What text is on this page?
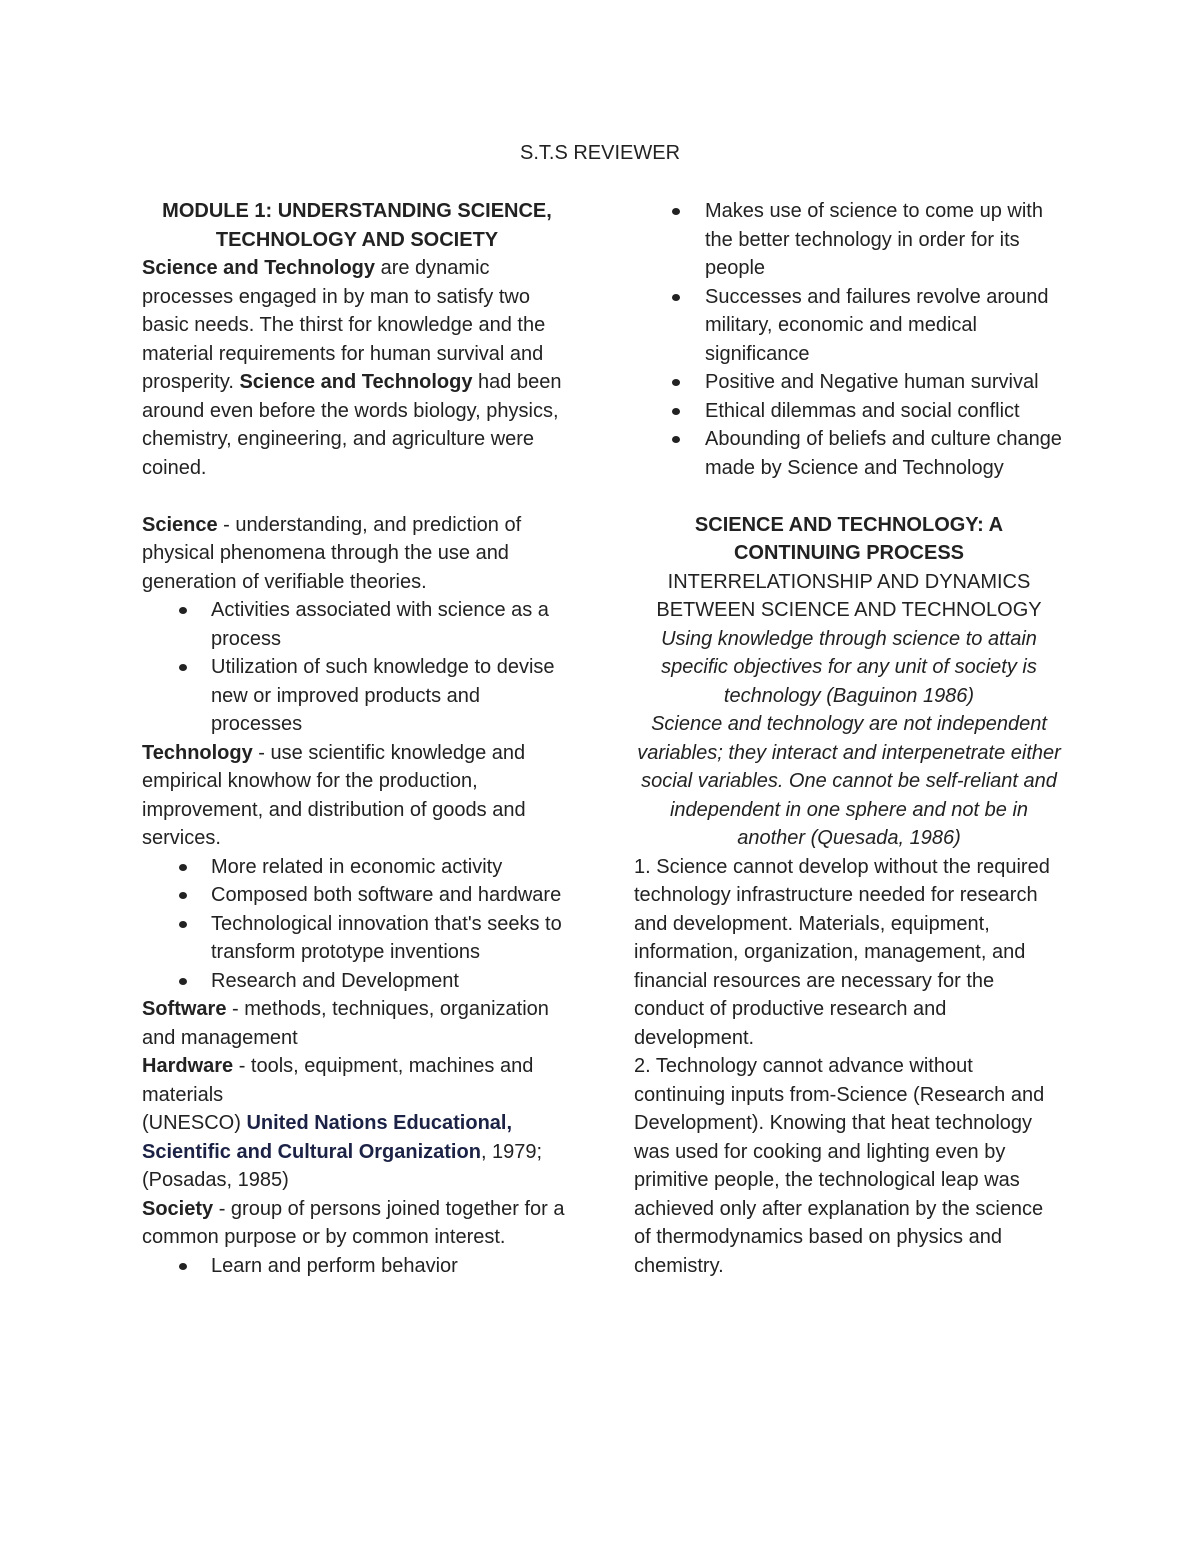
S.T.S REVIEWER

MODULE 1: UNDERSTANDING SCIENCE,
TECHNOLOGY AND SOCIETY

Science and Technology are dynamic processes engaged in by man to satisfy two basic needs. The thirst for knowledge and the material requirements for human survival and prosperity. Science and Technology had been around even before the words biology, physics, chemistry, engineering, and agriculture were coined.

Science - understanding, and prediction of physical phenomena through the use and generation of verifiable theories.

Activities associated with science as a process
Utilization of such knowledge to devise new or improved products and processes

Technology - use scientific knowledge and empirical knowhow for the production, improvement, and distribution of goods and services.

More related in economic activity
Composed both software and hardware
Technological innovation that's seeks to transform prototype inventions
Research and Development

Software - methods, techniques, organization and management

Hardware - tools, equipment, machines and materials

(UNESCO) United Nations Educational, Scientific and Cultural Organization, 1979; (Posadas, 1985)

Society - group of persons joined together for a common purpose or by common interest.

Learn and perform behavior
Makes use of science to come up with the better technology in order for its people
Successes and failures revolve around military, economic and medical significance
Positive and Negative human survival
Ethical dilemmas and social conflict
Abounding of beliefs and culture change made by Science and Technology

SCIENCE AND TECHNOLOGY: A CONTINUING PROCESS

INTERRELATIONSHIP AND DYNAMICS BETWEEN SCIENCE AND TECHNOLOGY

Using knowledge through science to attain specific objectives for any unit of society is technology (Baguinon 1986)

Science and technology are not independent variables; they interact and interpenetrate either social variables. One cannot be self-reliant and independent in one sphere and not be in another (Quesada, 1986)

1. Science cannot develop without the required technology infrastructure needed for research and development. Materials, equipment, information, organization, management, and financial resources are necessary for the conduct of productive research and development.

2. Technology cannot advance without continuing inputs from-Science (Research and Development). Knowing that heat technology was used for cooking and lighting even by primitive people, the technological leap was achieved only after explanation by the science of thermodynamics based on physics and chemistry.
